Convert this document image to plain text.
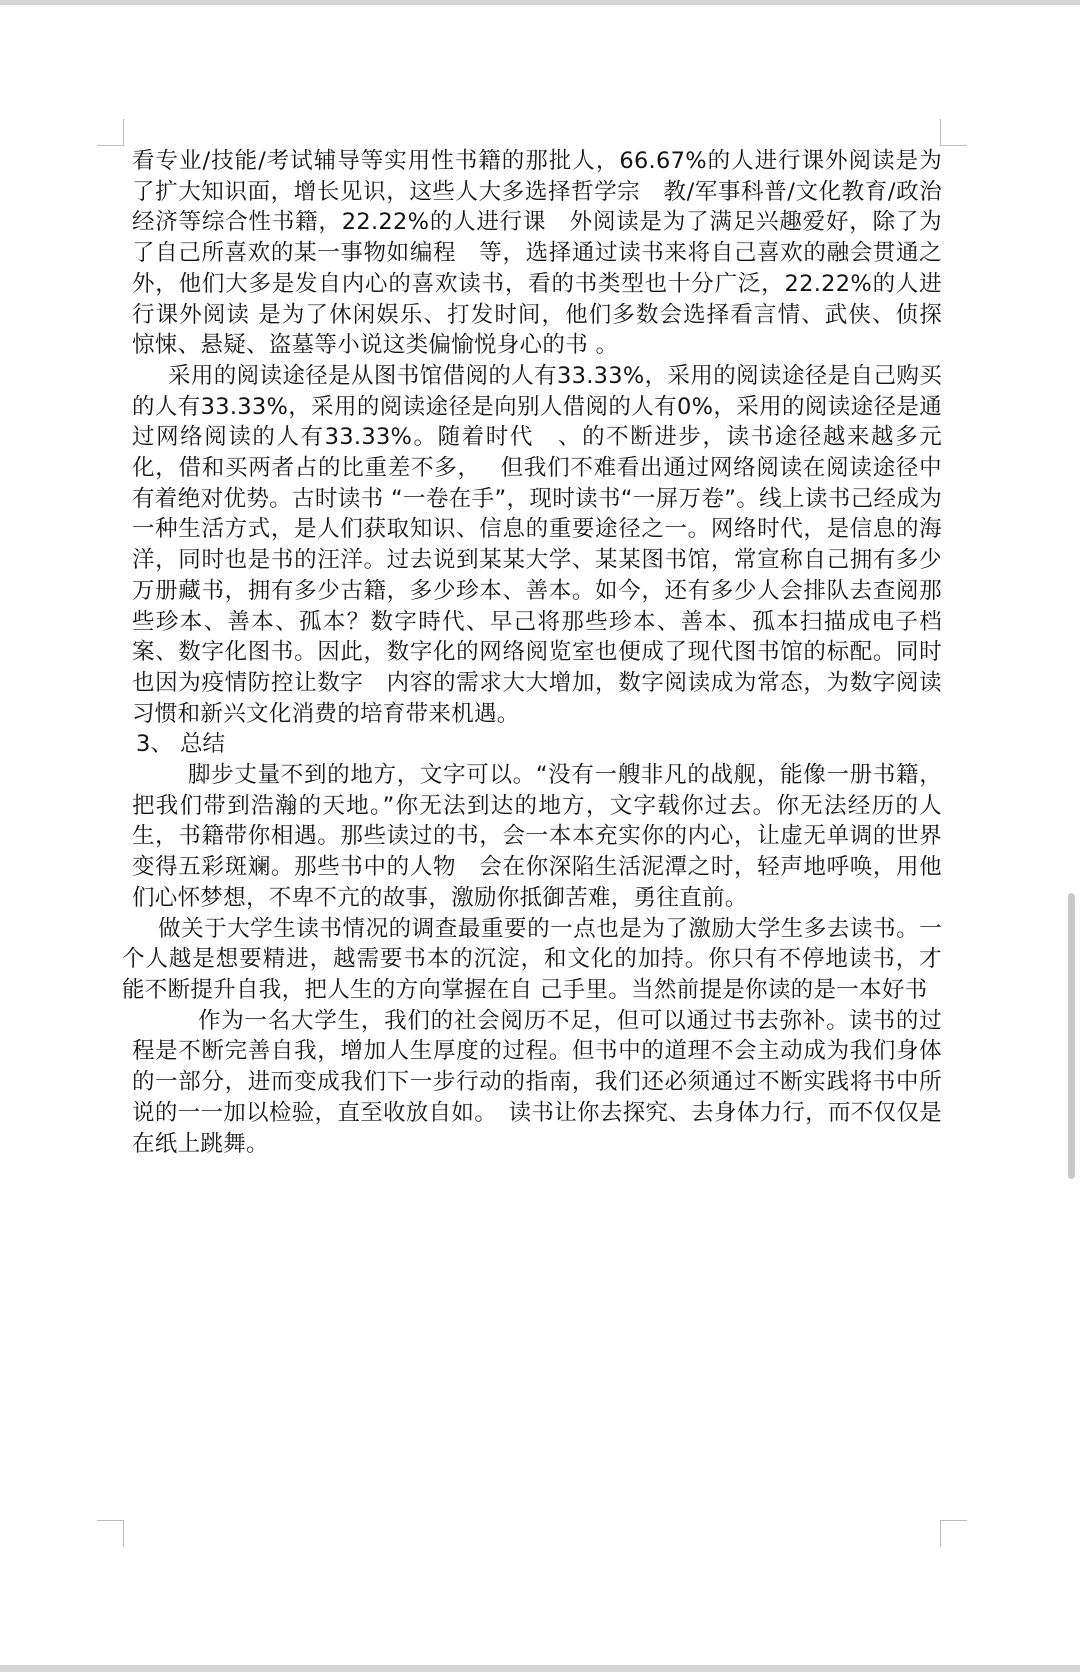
看专业/技能/考试辅导等实用性书籍的那批人，66.67%的人进行课外阅读是为了扩大知识面，增长见识，这些人大多选择哲学宗　教/军事科普/文化教育/政治经济等综合性书籍，22.22%的人进行课　外阅读是为了满足兴趣爱好，除了为了自己所喜欢的某一事物如编程　等，选择通过读书来将自己喜欢的融会贯通之外，他们大多是发自内心的喜欢读书，看的书类型也十分广泛，22.22%的人进行课外阅读 是为了休闲娱乐、打发时间，他们多数会选择看言情、武侠、侦探 惊悚、悬疑、盗墓等小说这类偏愉悦身心的书 。

采用的阅读途径是从图书馆借阅的人有33.33%，采用的阅读途径是自己购买的人有33.33%，采用的阅读途径是向别人借阅的人有0%，采用的阅读途径是通过网络阅读的人有33.33%。随着时代　、的不断进步，读书途径越来越多元化，借和买两者占的比重差不多，　 但我们不难看出通过网络阅读在阅读途径中有着绝对优势。古时读书 “一卷在手”，现时读书“一屏万卷”。线上读书己经成为一种生活方式，是人们获取知识、信息的重要途径之一。网络时代，是信息的海洋，同时也是书的汪洋。过去说到某某大学、某某图书馆，常宣称自己拥有多少万册藏书，拥有多少古籍，多少珍本、善本。如今，还有多少人会排队去查阅那些珍本、善本、孤本？数字時代、早己将那些珍本、善本、孤本扫描成电子档案、数字化图书。因此，数字化的网络阅览室也便成了现代图书馆的标配。同时也因为疫情防控让数字　内容的需求大大增加，数字阅读成为常态，为数字阅读习惯和新兴文化消费的培育带来机遇。

3、 总结

脚步丈量不到的地方，文字可以。“没有一艘非凡的战舰，能像一册书籍，把我们带到浩瀚的天地。”你无法到达的地方，文字载你过去。你无法经历的人生，书籍带你相遇。那些读过的书，会一本本充实你的内心，让虚无单调的世界变得五彩斑斓。那些书中的人物　会在你深陷生活泥潭之时，轻声地呼唤，用他们心怀梦想，不卑不亢的故事，激励你抵御苦难，勇往直前。

做关于大学生读书情况的调查最重要的一点也是为了激励大学生多去读书。一个人越是想要精进，越需要书本的沉淀，和文化的加持。你只有不停地读书，才能不断提升自我，把人生的方向掌握在自 己手里。当然前提是你读的是一本好书

作为一名大学生，我们的社会阅历不足，但可以通过书去弥补。读书的过程是不断完善自我，增加人生厚度的过程。但书中的道理不会主动成为我们身体的一部分，进而变成我们下一步行动的指南，我们还必须通过不断实践将书中所说的一一加以检验，直至收放自如。　读书让你去探究、去身体力行，而不仅仅是在纸上跳舞。
